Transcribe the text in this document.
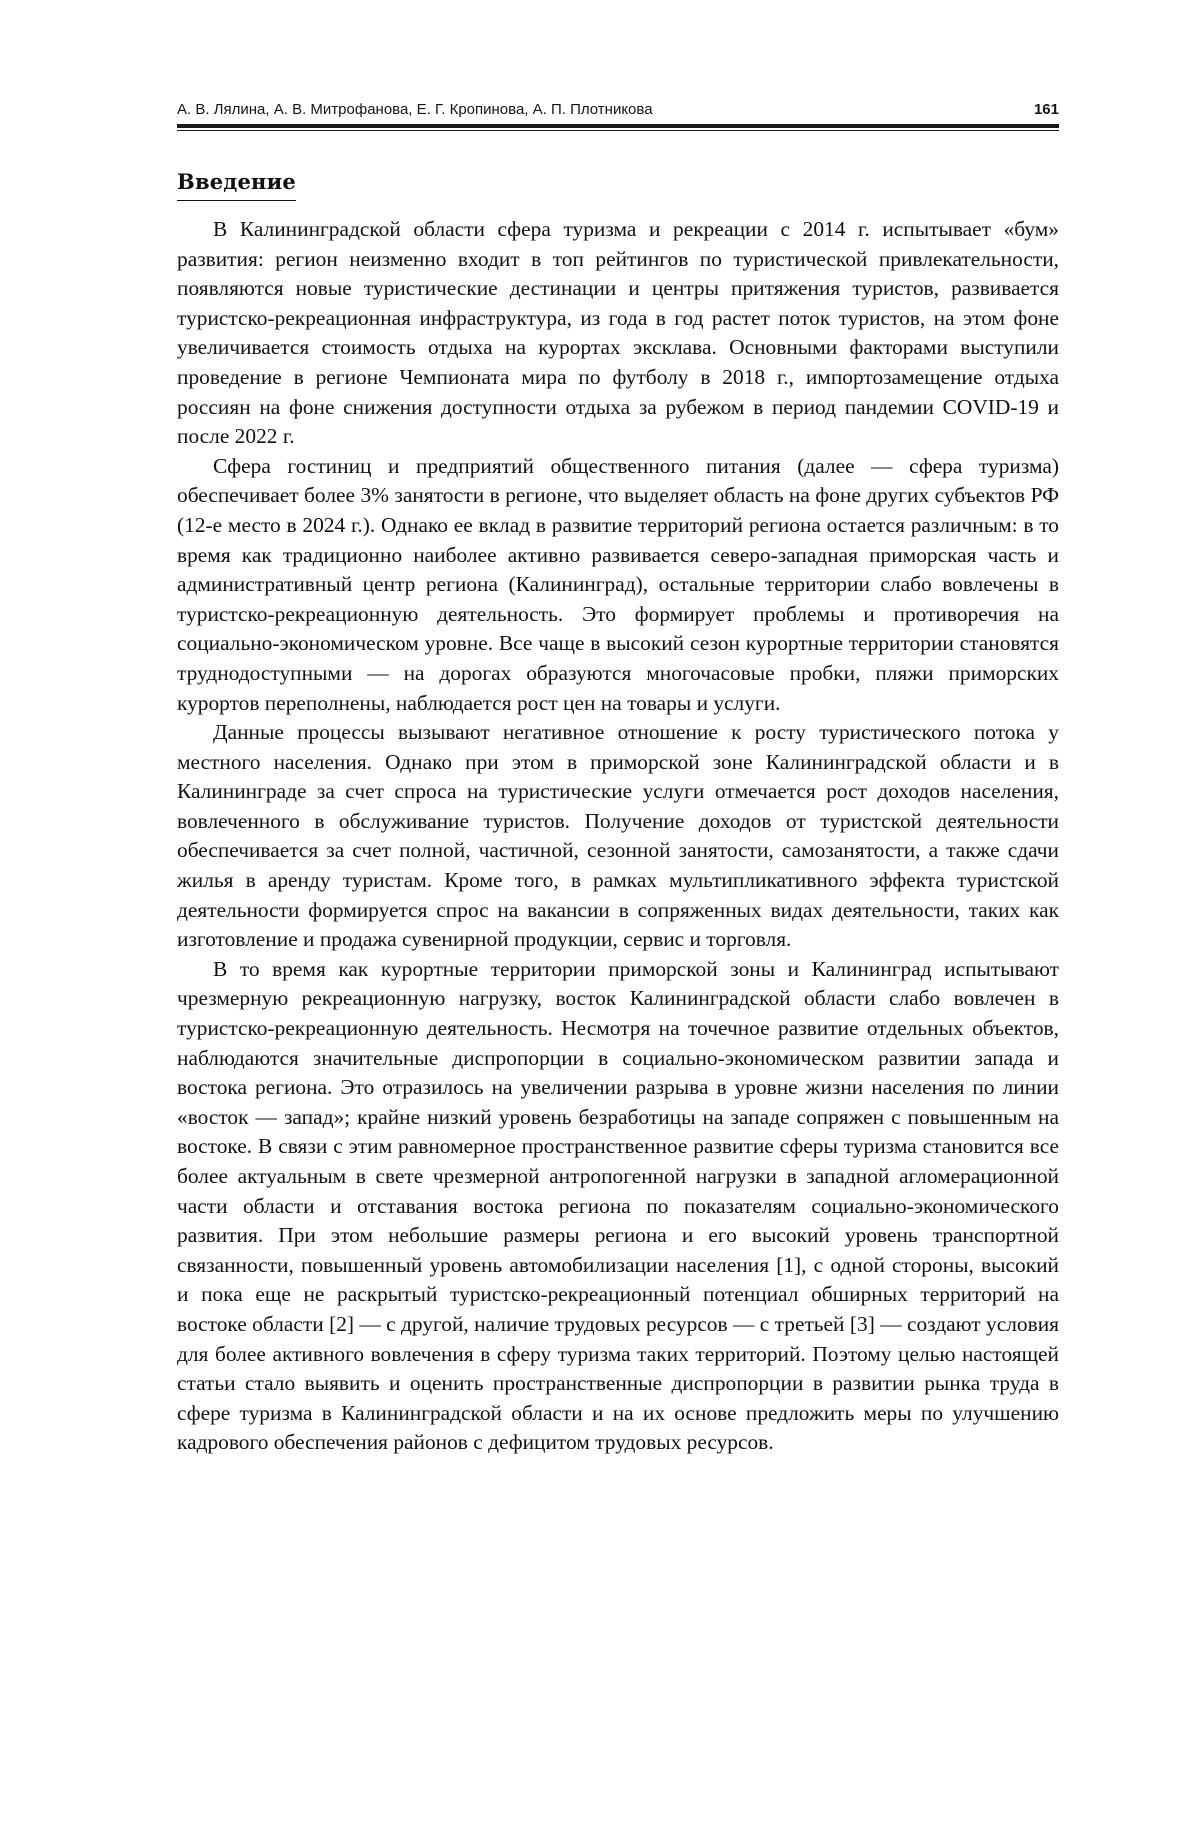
А. В. Лялина, А. В. Митрофанова, Е. Г. Кропинова, А. П. Плотникова	161
Введение

В Калининградской области сфера туризма и рекреации с 2014 г. испытывает «бум» развития: регион неизменно входит в топ рейтингов по туристической привлекательности, появляются новые туристические дестинации и центры притяжения туристов, развивается туристско-рекреационная инфраструктура, из года в год растет поток туристов, на этом фоне увеличивается стоимость отдыха на курортах эксклава. Основными факторами выступили проведение в регионе Чемпионата мира по футболу в 2018 г., импортозамещение отдыха россиян на фоне снижения доступности отдыха за рубежом в период пандемии COVID-19 и после 2022 г.

Сфера гостиниц и предприятий общественного питания (далее — сфера туризма) обеспечивает более 3% занятости в регионе, что выделяет область на фоне других субъектов РФ (12-е место в 2024 г.). Однако ее вклад в развитие территорий региона остается различным: в то время как традиционно наиболее активно развивается северо-западная приморская часть и административный центр региона (Калининград), остальные территории слабо вовлечены в туристско-рекреационную деятельность. Это формирует проблемы и противоречия на социально-экономическом уровне. Все чаще в высокий сезон курортные территории становятся труднодоступными — на дорогах образуются многочасовые пробки, пляжи приморских курортов переполнены, наблюдается рост цен на товары и услуги.

Данные процессы вызывают негативное отношение к росту туристического потока у местного населения. Однако при этом в приморской зоне Калининградской области и в Калининграде за счет спроса на туристические услуги отмечается рост доходов населения, вовлеченного в обслуживание туристов. Получение доходов от туристской деятельности обеспечивается за счет полной, частичной, сезонной занятости, самозанятости, а также сдачи жилья в аренду туристам. Кроме того, в рамках мультипликативного эффекта туристской деятельности формируется спрос на вакансии в сопряженных видах деятельности, таких как изготовление и продажа сувенирной продукции, сервис и торговля.

В то время как курортные территории приморской зоны и Калининград испытывают чрезмерную рекреационную нагрузку, восток Калининградской области слабо вовлечен в туристско-рекреационную деятельность. Несмотря на точечное развитие отдельных объектов, наблюдаются значительные диспропорции в социально-экономическом развитии запада и востока региона. Это отразилось на увеличении разрыва в уровне жизни населения по линии «восток — запад»; крайне низкий уровень безработицы на западе сопряжен с повышенным на востоке. В связи с этим равномерное пространственное развитие сферы туризма становится все более актуальным в свете чрезмерной антропогенной нагрузки в западной агломерационной части области и отставания востока региона по показателям социально-экономического развития. При этом небольшие размеры региона и его высокий уровень транспортной связанности, повышенный уровень автомобилизации населения [1], с одной стороны, высокий и пока еще не раскрытый туристско-рекреационный потенциал обширных территорий на востоке области [2] — с другой, наличие трудовых ресурсов — с третьей [3] — создают условия для более активного вовлечения в сферу туризма таких территорий. Поэтому целью настоящей статьи стало выявить и оценить пространственные диспропорции в развитии рынка труда в сфере туризма в Калининградской области и на их основе предложить меры по улучшению кадрового обеспечения районов с дефицитом трудовых ресурсов.
